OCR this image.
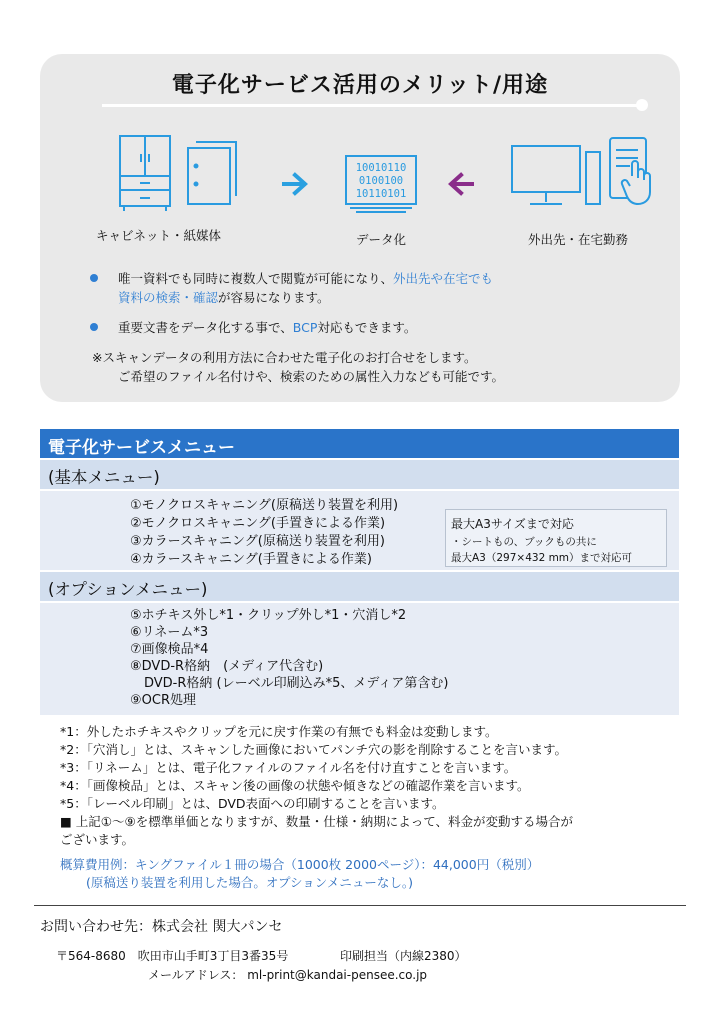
電子化サービス活用のメリット/用途
キャビネット・紙媒体
10010110
0100100
10110101
データ化	外出先・在宅勤務
唯一資料でも同時に複数人で閲覧が可能になり、外出先や在宅でも
資料の検索・確認が容易になります。
重要文書をデータ化する事で、BCP対応もできます。
※スキャンデータの利用方法に合わせた電子化のお打合せをします。
ご希望のファイル名付けや、検索のための属性入力なども可能です。
電子化サービスメニュー
(基本メニュー)
①モノクロスキャニング(原稿送り装置を利用)
②モノクロスキャニング(手置きによる作業)
③カラースキャニング(原稿送り装置を利用)
④カラースキャニング(手置きによる作業)
最大A3サイズまで対応
・シートもの、ブックもの共に
最大A3（297×432 mm）まで対応可
(オプションメニュー)
⑤ホチキス外し*1・クリップ外し*1・穴消し*2
⑥リネーム*3
⑦画像検品*4
⑧DVD-R格納　(メディア代含む)
DVD-R格納 (レーベル印刷込み*5、メディア第含む)
⑨OCR処理
*1：外したホチキスやクリップを元に戻す作業の有無でも料金は変動します。
*2：「穴消し」とは、スキャンした画像においてパンチ穴の影を削除することを言います。
*3：「リネーム」とは、電子化ファイルのファイル名を付け直すことを言います。
*4：「画像検品」とは、スキャン後の画像の状態や傾きなどの確認作業を言います。
*5：「レーベル印刷」とは、DVD表面への印刷することを言います。
■ 上記①～⑨を標準単価となりますが、数量・仕様・納期によって、料金が変動する場合が
ございます。
概算費用例：キングファイル１冊の場合（1000枚 2000ページ）：44,000円（税別）
(原稿送り装置を利用した場合。オプションメニューなし。)
お問い合わせ先：株式会社 関大パンセ
〒564-8680　吹田市山手町3丁目3番35号	印刷担当（内線2380）
メールアドレス： ml-print@kandai-pensee.co.jp
